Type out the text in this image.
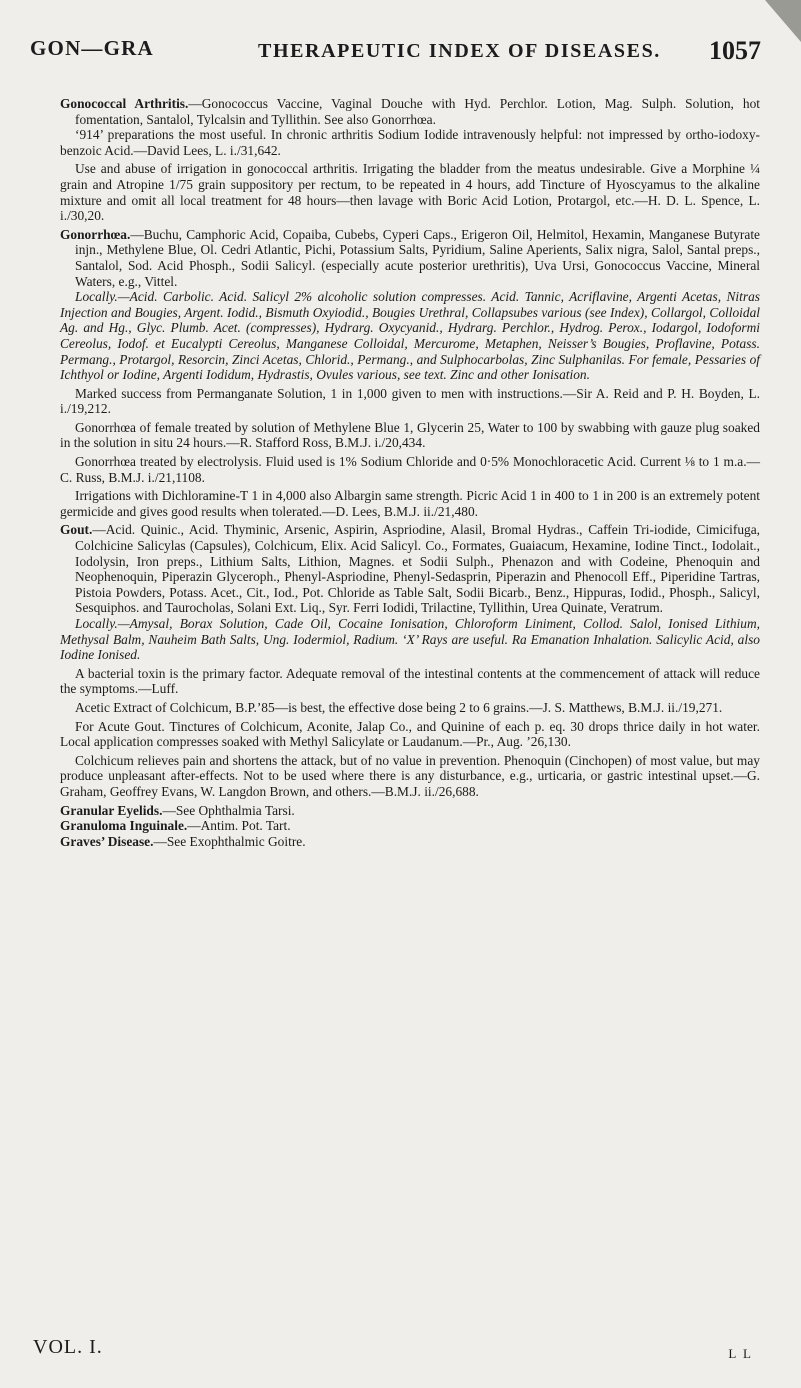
GON—GRA	THERAPEUTIC INDEX OF DISEASES. 1057

Gonococcal Arthritis.—Gonococcus Vaccine, Vaginal Douche with Hyd. Perchlor. Lotion, Mag. Sulph. Solution, hot fomentation, Santalol, Tylcalsin and Tyllithin. See also Gonorrhœa.

‘914’ preparations the most useful. In chronic arthritis Sodium Iodide intravenously helpful: not impressed by ortho-iodoxy-benzoic Acid.—David Lees, L. i./31,642.

Use and abuse of irrigation in gonococcal arthritis. Irrigating the bladder from the meatus undesirable. Give a Morphine ¼ grain and Atropine 1/75 grain suppository per rectum, to be repeated in 4 hours, add Tincture of Hyoscyamus to the alkaline mixture and omit all local treatment for 48 hours—then lavage with Boric Acid Lotion, Protargol, etc.—H. D. L. Spence, L. i./30,20.

Gonorrhœa.—Buchu, Camphoric Acid, Copaiba, Cubebs, Cyperi Caps., Erigeron Oil, Helmitol, Hexamin, Manganese Butyrate injn., Methylene Blue, Ol. Cedri Atlantic, Pichi, Potassium Salts, Pyridium, Saline Aperients, Salix nigra, Salol, Santal preps., Santalol, Sod. Acid Phosph., Sodii Salicyl. (especially acute posterior urethritis), Uva Ursi, Gonococcus Vaccine, Mineral Waters, e.g., Vittel.

Locally.—Acid. Carbolic. Acid. Salicyl 2% alcoholic solution compresses. Acid. Tannic, Acriflavine, Argenti Acetas, Nitras Injection and Bougies, Argent. Iodid., Bismuth Oxyiodid., Bougies Urethral, Collapsubes various (see Index), Collargol, Colloidal Ag. and Hg., Glyc. Plumb. Acet. (compresses), Hydrarg. Oxycyanid., Hydrarg. Perchlor., Hydrog. Perox., Iodargol, Iodoformi Cereolus, Iodof. et Eucalypti Cereolus, Manganese Colloidal, Mercurome, Metaphen, Neisser’s Bougies, Proflavine, Potass. Permang., Protargol, Resorcin, Zinci Acetas, Chlorid., Permang., and Sulphocarbolas, Zinc Sulphanilas. For female, Pessaries of Ichthyol or Iodine, Argenti Iodidum, Hydrastis, Ovules various, see text. Zinc and other Ionisation.

Marked success from Permanganate Solution, 1 in 1,000 given to men with instructions.—Sir A. Reid and P. H. Boyden, L. i./19,212.

Gonorrhœa of female treated by solution of Methylene Blue 1, Glycerin 25, Water to 100 by swabbing with gauze plug soaked in the solution in situ 24 hours.—R. Stafford Ross, B.M.J. i./20,434.

Gonorrhœa treated by electrolysis. Fluid used is 1% Sodium Chloride and 0·5% Monochloracetic Acid. Current ⅛ to 1 m.a.—C. Russ, B.M.J. i./21,1108.

Irrigations with Dichloramine-T 1 in 4,000 also Albargin same strength. Picric Acid 1 in 400 to 1 in 200 is an extremely potent germicide and gives good results when tolerated.—D. Lees, B.M.J. ii./21,480.

Gout.—Acid. Quinic., Acid. Thyminic, Arsenic, Aspirin, Aspriodine, Alasil, Bromal Hydras., Caffein Tri-iodide, Cimicifuga, Colchicine Salicylas (Capsules), Colchicum, Elix. Acid Salicyl. Co., Formates, Guaiacum, Hexamine, Iodine Tinct., Iodolait., Iodolysin, Iron preps., Lithium Salts, Lithion, Magnes. et Sodii Sulph., Phenazon and with Codeine, Phenoquin and Neophenoquin, Piperazin Glyceroph., Phenyl-Aspriodine, Phenyl-Sedasprin, Piperazin and Phenocoll Eff., Piperidine Tartras, Pistoia Powders, Potass. Acet., Cit., Iod., Pot. Chloride as Table Salt, Sodii Bicarb., Benz., Hippuras, Iodid., Phosph., Salicyl, Sesquiphos. and Taurocholas, Solani Ext. Liq., Syr. Ferri Iodidi, Trilactine, Tyllithin, Urea Quinate, Veratrum.

Locally.—Amysal, Borax Solution, Cade Oil, Cocaine Ionisation, Chloroform Liniment, Collod. Salol, Ionised Lithium, Methysal Balm, Nauheim Bath Salts, Ung. Iodermiol, Radium. ‘X’ Rays are useful. Ra Emanation Inhalation. Salicylic Acid, also Iodine Ionised.

A bacterial toxin is the primary factor. Adequate removal of the intestinal contents at the commencement of attack will reduce the symptoms.—Luff.

Acetic Extract of Colchicum, B.P.’85—is best, the effective dose being 2 to 6 grains.—J. S. Matthews, B.M.J. ii./19,271.

For Acute Gout. Tinctures of Colchicum, Aconite, Jalap Co., and Quinine of each p. eq. 30 drops thrice daily in hot water. Local application compresses soaked with Methyl Salicylate or Laudanum.—Pr., Aug. ’26,130.

Colchicum relieves pain and shortens the attack, but of no value in prevention. Phenoquin (Cinchopen) of most value, but may produce unpleasant after-effects. Not to be used where there is any disturbance, e.g., urticaria, or gastric intestinal upset.—G. Graham, Geoffrey Evans, W. Langdon Brown, and others.—B.M.J. ii./26,688.

Granular Eyelids.—See Ophthalmia Tarsi.

Granuloma Inguinale.—Antim. Pot. Tart.

Graves’ Disease.—See Exophthalmic Goitre.

VOL. I.	L L
